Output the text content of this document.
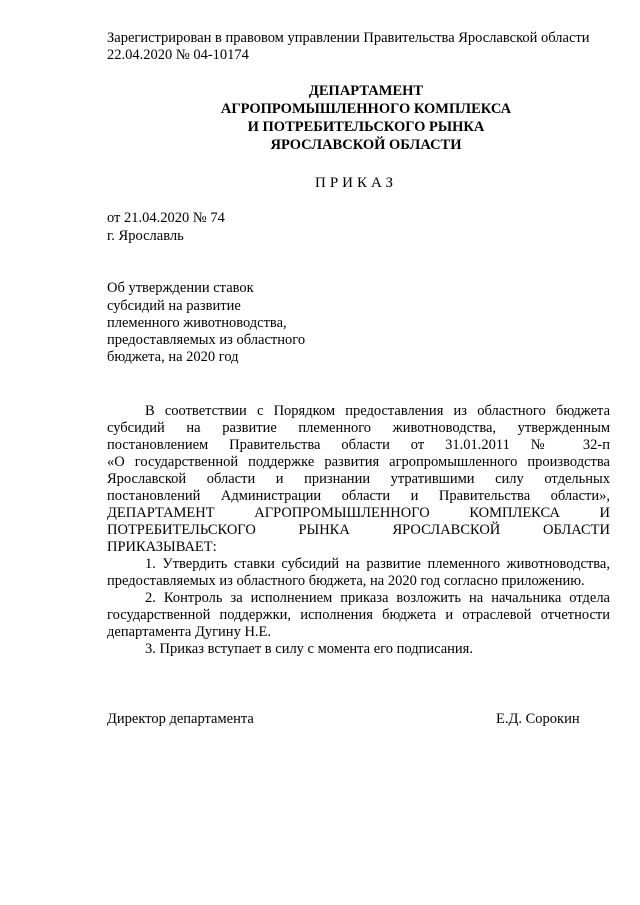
Зарегистрирован в правовом управлении Правительства Ярославской области
22.04.2020 № 04-10174
ДЕПАРТАМЕНТ
АГРОПРОМЫШЛЕННОГО КОМПЛЕКСА
И ПОТРЕБИТЕЛЬСКОГО РЫНКА
ЯРОСЛАВСКОЙ ОБЛАСТИ
ПРИКАЗ
от 21.04.2020 № 74
г. Ярославль
Об утверждении ставок
субсидий на развитие
племенного животноводства,
предоставляемых из областного
бюджета, на 2020 год
В соответствии с Порядком предоставления из областного бюджета
субсидий на развитие племенного животноводства, утвержденным
постановлением Правительства области от 31.01.2011 № 32-п
«О государственной поддержке развития агропромышленного производства
Ярославской области и признании утратившими силу отдельных
постановлений Администрации области и Правительства области»,
ДЕПАРТАМЕНТ АГРОПРОМЫШЛЕННОГО КОМПЛЕКСА И
ПОТРЕБИТЕЛЬСКОГО РЫНКА ЯРОСЛАВСКОЙ ОБЛАСТИ
ПРИКАЗЫВАЕТ:
1. Утвердить ставки субсидий на развитие племенного животноводства,
предоставляемых из областного бюджета, на 2020 год согласно приложению.
2. Контроль за исполнением приказа возложить на начальника отдела
государственной поддержки, исполнения бюджета и отраслевой отчетности
департамента Дугину Н.Е.
3. Приказ вступает в силу с момента его подписания.
Директор департамента	Е.Д. Сорокин
